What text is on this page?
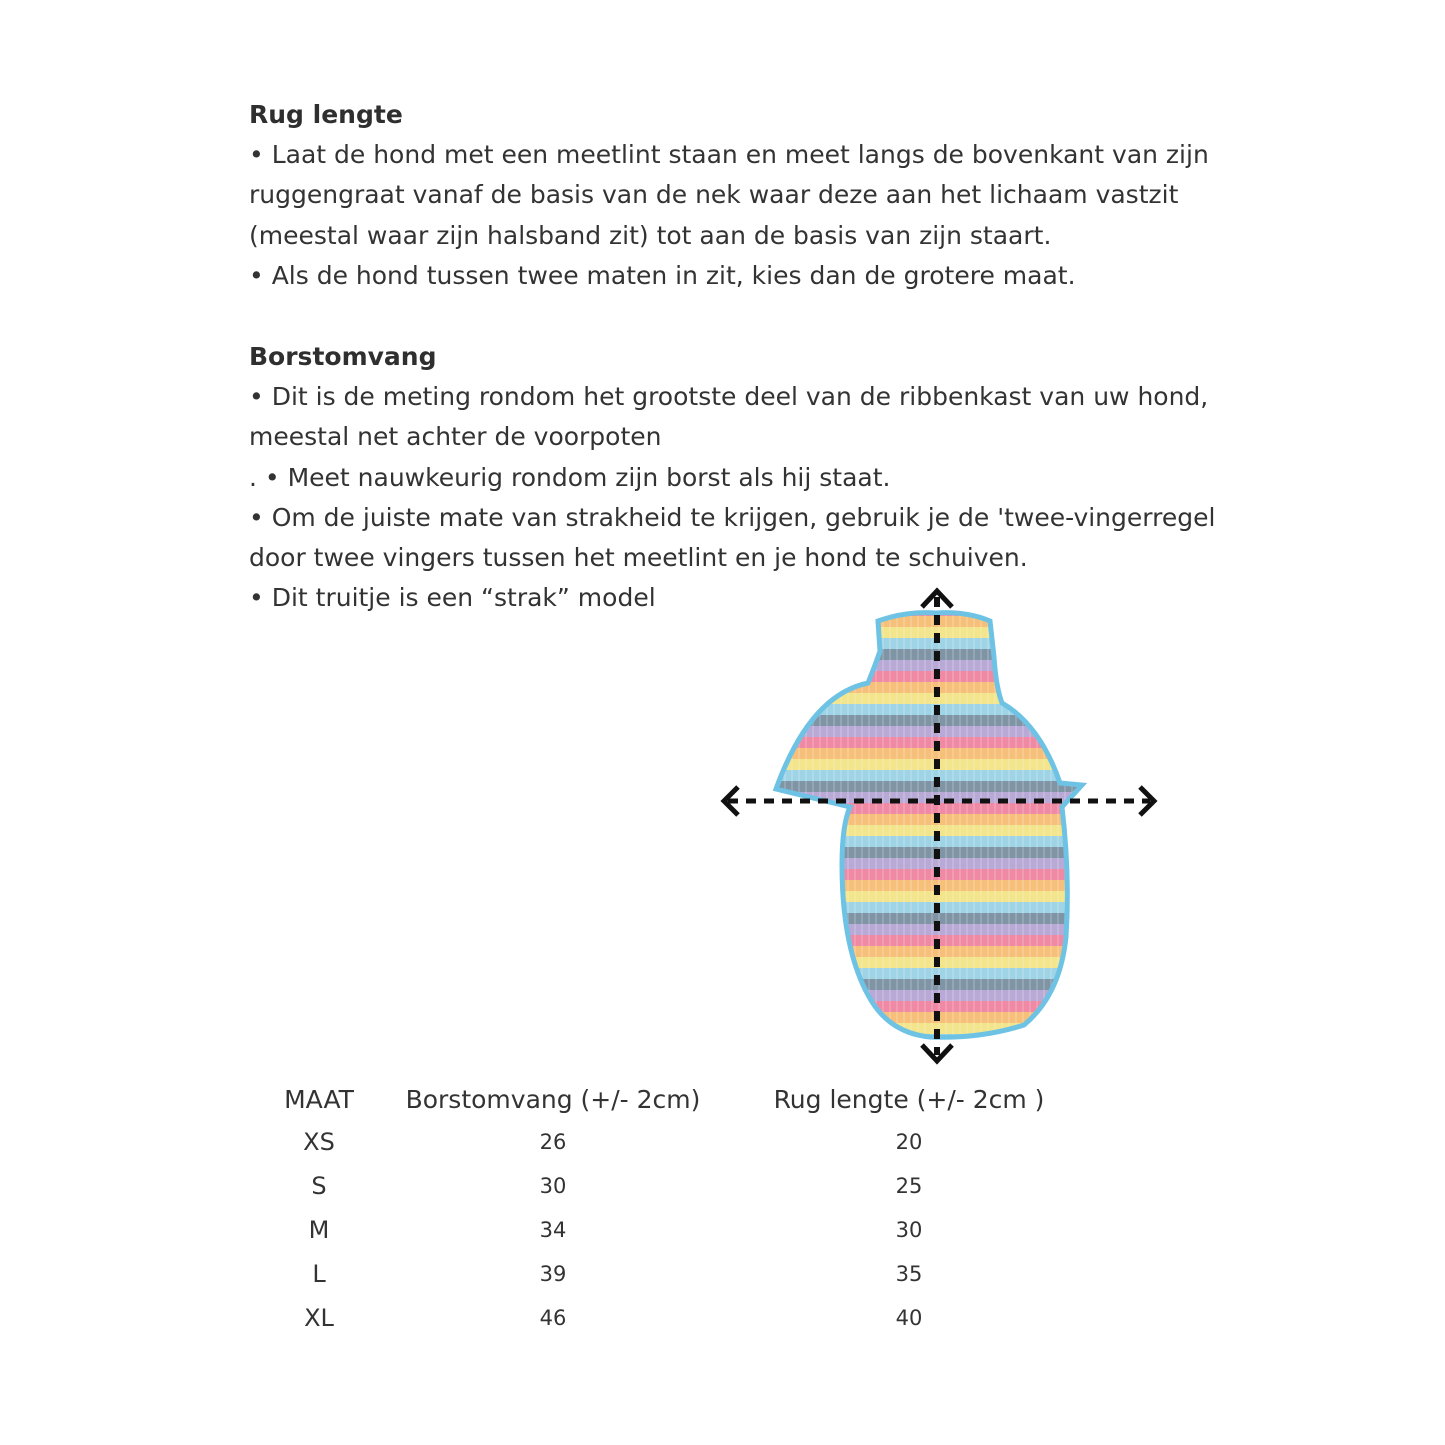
Rug lengte

• Laat de hond met een meetlint staan en meet langs de bovenkant van zijn

ruggengraat vanaf de basis van de nek waar deze aan het lichaam vastzit

(meestal waar zijn halsband zit) tot aan de basis van zijn staart.

• Als de hond tussen twee maten in zit, kies dan de grotere maat.

Borstomvang

• Dit is de meting rondom het grootste deel van de ribbenkast van uw hond,

meestal net achter de voorpoten

. • Meet nauwkeurig rondom zijn borst als hij staat.

• Om de juiste mate van strakheid te krijgen, gebruik je de 'twee-vingerregel

door twee vingers tussen het meetlint en je hond te schuiven.

• Dit truitje is een “strak” model

MAAT	Borstomvang (+/- 2cm)	Rug lengte (+/- 2cm )
XS	26	20
S	30	25
M	34	30
L	39	35
XL	46	40
